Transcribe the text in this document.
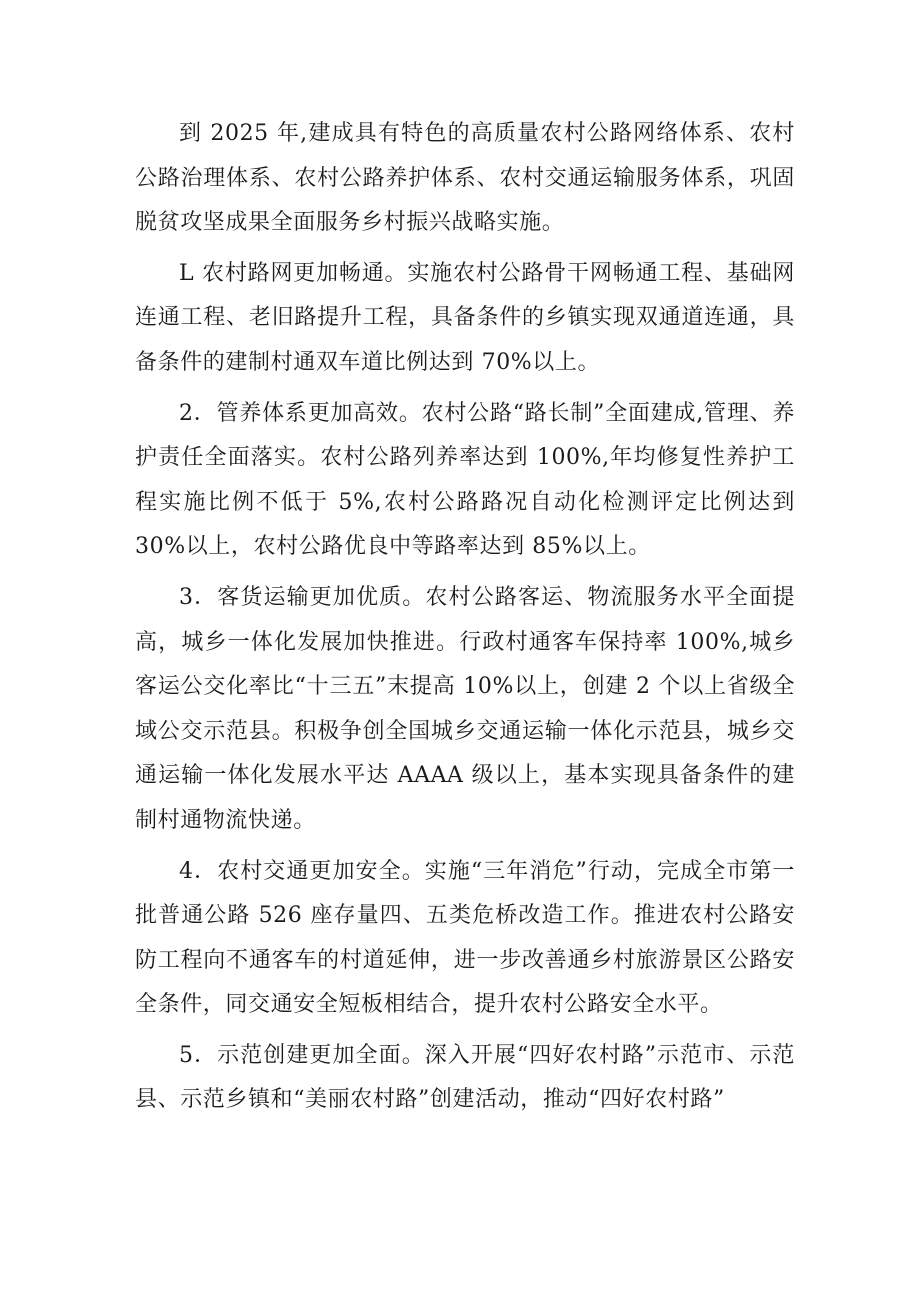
到 2025 年,建成具有特色的高质量农村公路网络体系、农村公路治理体系、农村公路养护体系、农村交通运输服务体系，巩固脱贫攻坚成果全面服务乡村振兴战略实施。

L 农村路网更加畅通。实施农村公路骨干网畅通工程、基础网连通工程、老旧路提升工程，具备条件的乡镇实现双通道连通，具备条件的建制村通双车道比例达到 70%以上。

2．管养体系更加高效。农村公路“路长制”全面建成,管理、养护责任全面落实。农村公路列养率达到 100%,年均修复性养护工程实施比例不低于 5%,农村公路路况自动化检测评定比例达到 30%以上，农村公路优良中等路率达到 85%以上。

3．客货运输更加优质。农村公路客运、物流服务水平全面提高，城乡一体化发展加快推进。行政村通客车保持率 100%,城乡客运公交化率比“十三五”末提高 10%以上，创建 2 个以上省级全域公交示范县。积极争创全国城乡交通运输一体化示范县，城乡交通运输一体化发展水平达 AAAA 级以上，基本实现具备条件的建制村通物流快递。

4．农村交通更加安全。实施“三年消危”行动，完成全市第一批普通公路 526 座存量四、五类危桥改造工作。推进农村公路安防工程向不通客车的村道延伸，进一步改善通乡村旅游景区公路安全条件，同交通安全短板相结合，提升农村公路安全水平。

5．示范创建更加全面。深入开展“四好农村路”示范市、示范县、示范乡镇和“美丽农村路”创建活动，推动“四好农村路”
